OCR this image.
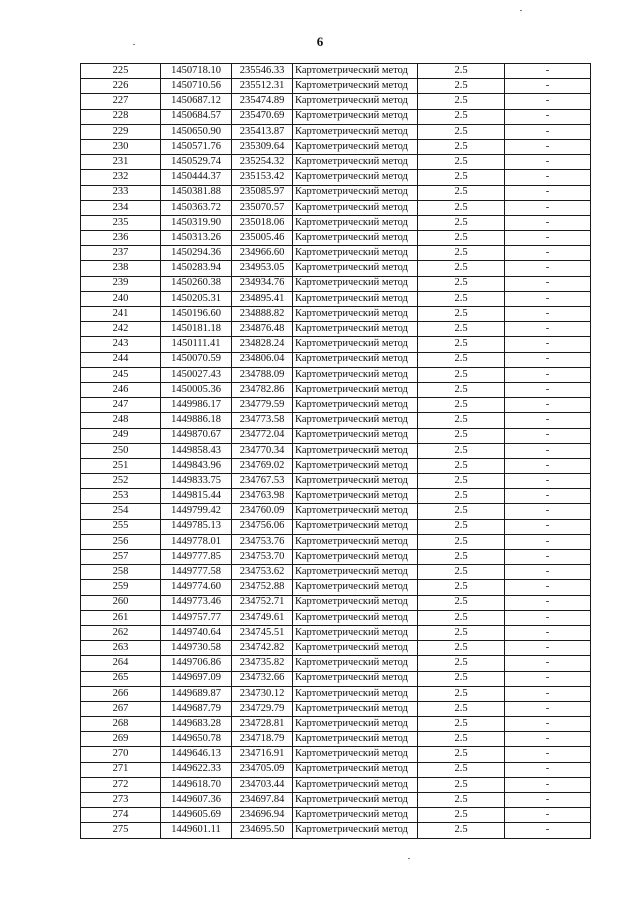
6
225	1450718.10	235546.33	Картометрический метод	2.5	-
226	1450710.56	235512.31	Картометрический метод	2.5	-
227	1450687.12	235474.89	Картометрический метод	2.5	-
228	1450684.57	235470.69	Картометрический метод	2.5	-
229	1450650.90	235413.87	Картометрический метод	2.5	-
230	1450571.76	235309.64	Картометрический метод	2.5	-
231	1450529.74	235254.32	Картометрический метод	2.5	-
232	1450444.37	235153.42	Картометрический метод	2.5	-
233	1450381.88	235085.97	Картометрический метод	2.5	-
234	1450363.72	235070.57	Картометрический метод	2.5	-
235	1450319.90	235018.06	Картометрический метод	2.5	-
236	1450313.26	235005.46	Картометрический метод	2.5	-
237	1450294.36	234966.60	Картометрический метод	2.5	-
238	1450283.94	234953.05	Картометрический метод	2.5	-
239	1450260.38	234934.76	Картометрический метод	2.5	-
240	1450205.31	234895.41	Картометрический метод	2.5	-
241	1450196.60	234888.82	Картометрический метод	2.5	-
242	1450181.18	234876.48	Картометрический метод	2.5	-
243	1450111.41	234828.24	Картометрический метод	2.5	-
244	1450070.59	234806.04	Картометрический метод	2.5	-
245	1450027.43	234788.09	Картометрический метод	2.5	-
246	1450005.36	234782.86	Картометрический метод	2.5	-
247	1449986.17	234779.59	Картометрический метод	2.5	-
248	1449886.18	234773.58	Картометрический метод	2.5	-
249	1449870.67	234772.04	Картометрический метод	2.5	-
250	1449858.43	234770.34	Картометрический метод	2.5	-
251	1449843.96	234769.02	Картометрический метод	2.5	-
252	1449833.75	234767.53	Картометрический метод	2.5	-
253	1449815.44	234763.98	Картометрический метод	2.5	-
254	1449799.42	234760.09	Картометрический метод	2.5	-
255	1449785.13	234756.06	Картометрический метод	2.5	-
256	1449778.01	234753.76	Картометрический метод	2.5	-
257	1449777.85	234753.70	Картометрический метод	2.5	-
258	1449777.58	234753.62	Картометрический метод	2.5	-
259	1449774.60	234752.88	Картометрический метод	2.5	-
260	1449773.46	234752.71	Картометрический метод	2.5	-
261	1449757.77	234749.61	Картометрический метод	2.5	-
262	1449740.64	234745.51	Картометрический метод	2.5	-
263	1449730.58	234742.82	Картометрический метод	2.5	-
264	1449706.86	234735.82	Картометрический метод	2.5	-
265	1449697.09	234732.66	Картометрический метод	2.5	-
266	1449689.87	234730.12	Картометрический метод	2.5	-
267	1449687.79	234729.79	Картометрический метод	2.5	-
268	1449683.28	234728.81	Картометрический метод	2.5	-
269	1449650.78	234718.79	Картометрический метод	2.5	-
270	1449646.13	234716.91	Картометрический метод	2.5	-
271	1449622.33	234705.09	Картометрический метод	2.5	-
272	1449618.70	234703.44	Картометрический метод	2.5	-
273	1449607.36	234697.84	Картометрический метод	2.5	-
274	1449605.69	234696.94	Картометрический метод	2.5	-
275	1449601.11	234695.50	Картометрический метод	2.5	-
